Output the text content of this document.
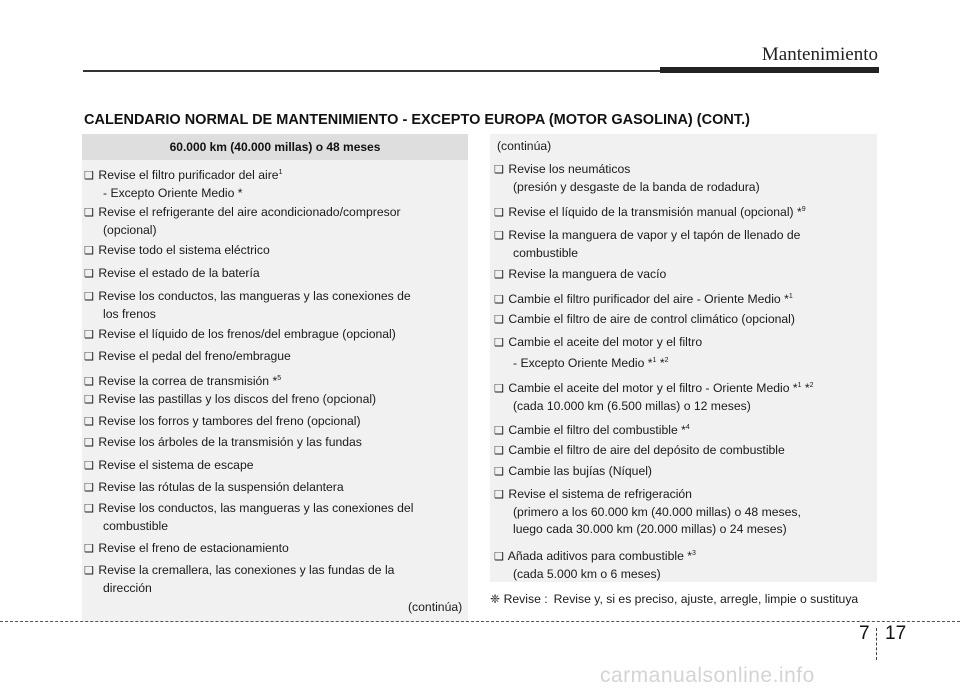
Mantenimiento
CALENDARIO NORMAL DE MANTENIMIENTO - EXCEPTO EUROPA (MOTOR GASOLINA) (CONT.)
60.000 km (40.000 millas) o 48 meses
❑ Revise el filtro purificador del aire$^1$
- Excepto Oriente Medio *
❑ Revise el refrigerante del aire acondicionado/compresor
(opcional)
❑ Revise todo el sistema eléctrico
❑ Revise el estado de la batería
❑ Revise los conductos, las mangueras y las conexiones de
los frenos
❑ Revise el líquido de los frenos/del embrague (opcional)
❑ Revise el pedal del freno/embrague
❑ Revise la correa de transmisión *$^5$
❑ Revise las pastillas y los discos del freno (opcional)
❑ Revise los forros y tambores del freno (opcional)
❑ Revise los árboles de la transmisión y las fundas
❑ Revise el sistema de escape
❑ Revise las rótulas de la suspensión delantera
❑ Revise los conductos, las mangueras y las conexiones del
combustible
❑ Revise el freno de estacionamiento
❑ Revise la cremallera, las conexiones y las fundas de la
dirección
(continúa)
(continúa)
❑ Revise los neumáticos
(presión y desgaste de la banda de rodadura)
❑ Revise el líquido de la transmisión manual (opcional) *$^9$
❑ Revise la manguera de vapor y el tapón de llenado de
combustible
❑ Revise la manguera de vacío
❑ Cambie el filtro purificador del aire - Oriente Medio *$^1$
❑ Cambie el filtro de aire de control climático (opcional)
❑ Cambie el aceite del motor y el filtro
- Excepto Oriente Medio *$^1$ *$^2$
❑ Cambie el aceite del motor y el filtro - Oriente Medio *$^1$ *$^2$
(cada 10.000 km (6.500 millas) o 12 meses)
❑ Cambie el filtro del combustible *$^4$
❑ Cambie el filtro de aire del depósito de combustible
❑ Cambie las bujías (Níquel)
❑ Revise el sistema de refrigeración
(primero a los 60.000 km (40.000 millas) o 48 meses,
luego cada 30.000 km (20.000 millas) o 24 meses)
❑ Añada aditivos para combustible *$^3$
(cada 5.000 km o 6 meses)
❈ Revise : Revise y, si es preciso, ajuste, arregle, limpie o sustituya
7 17
carmanualsonline.info
